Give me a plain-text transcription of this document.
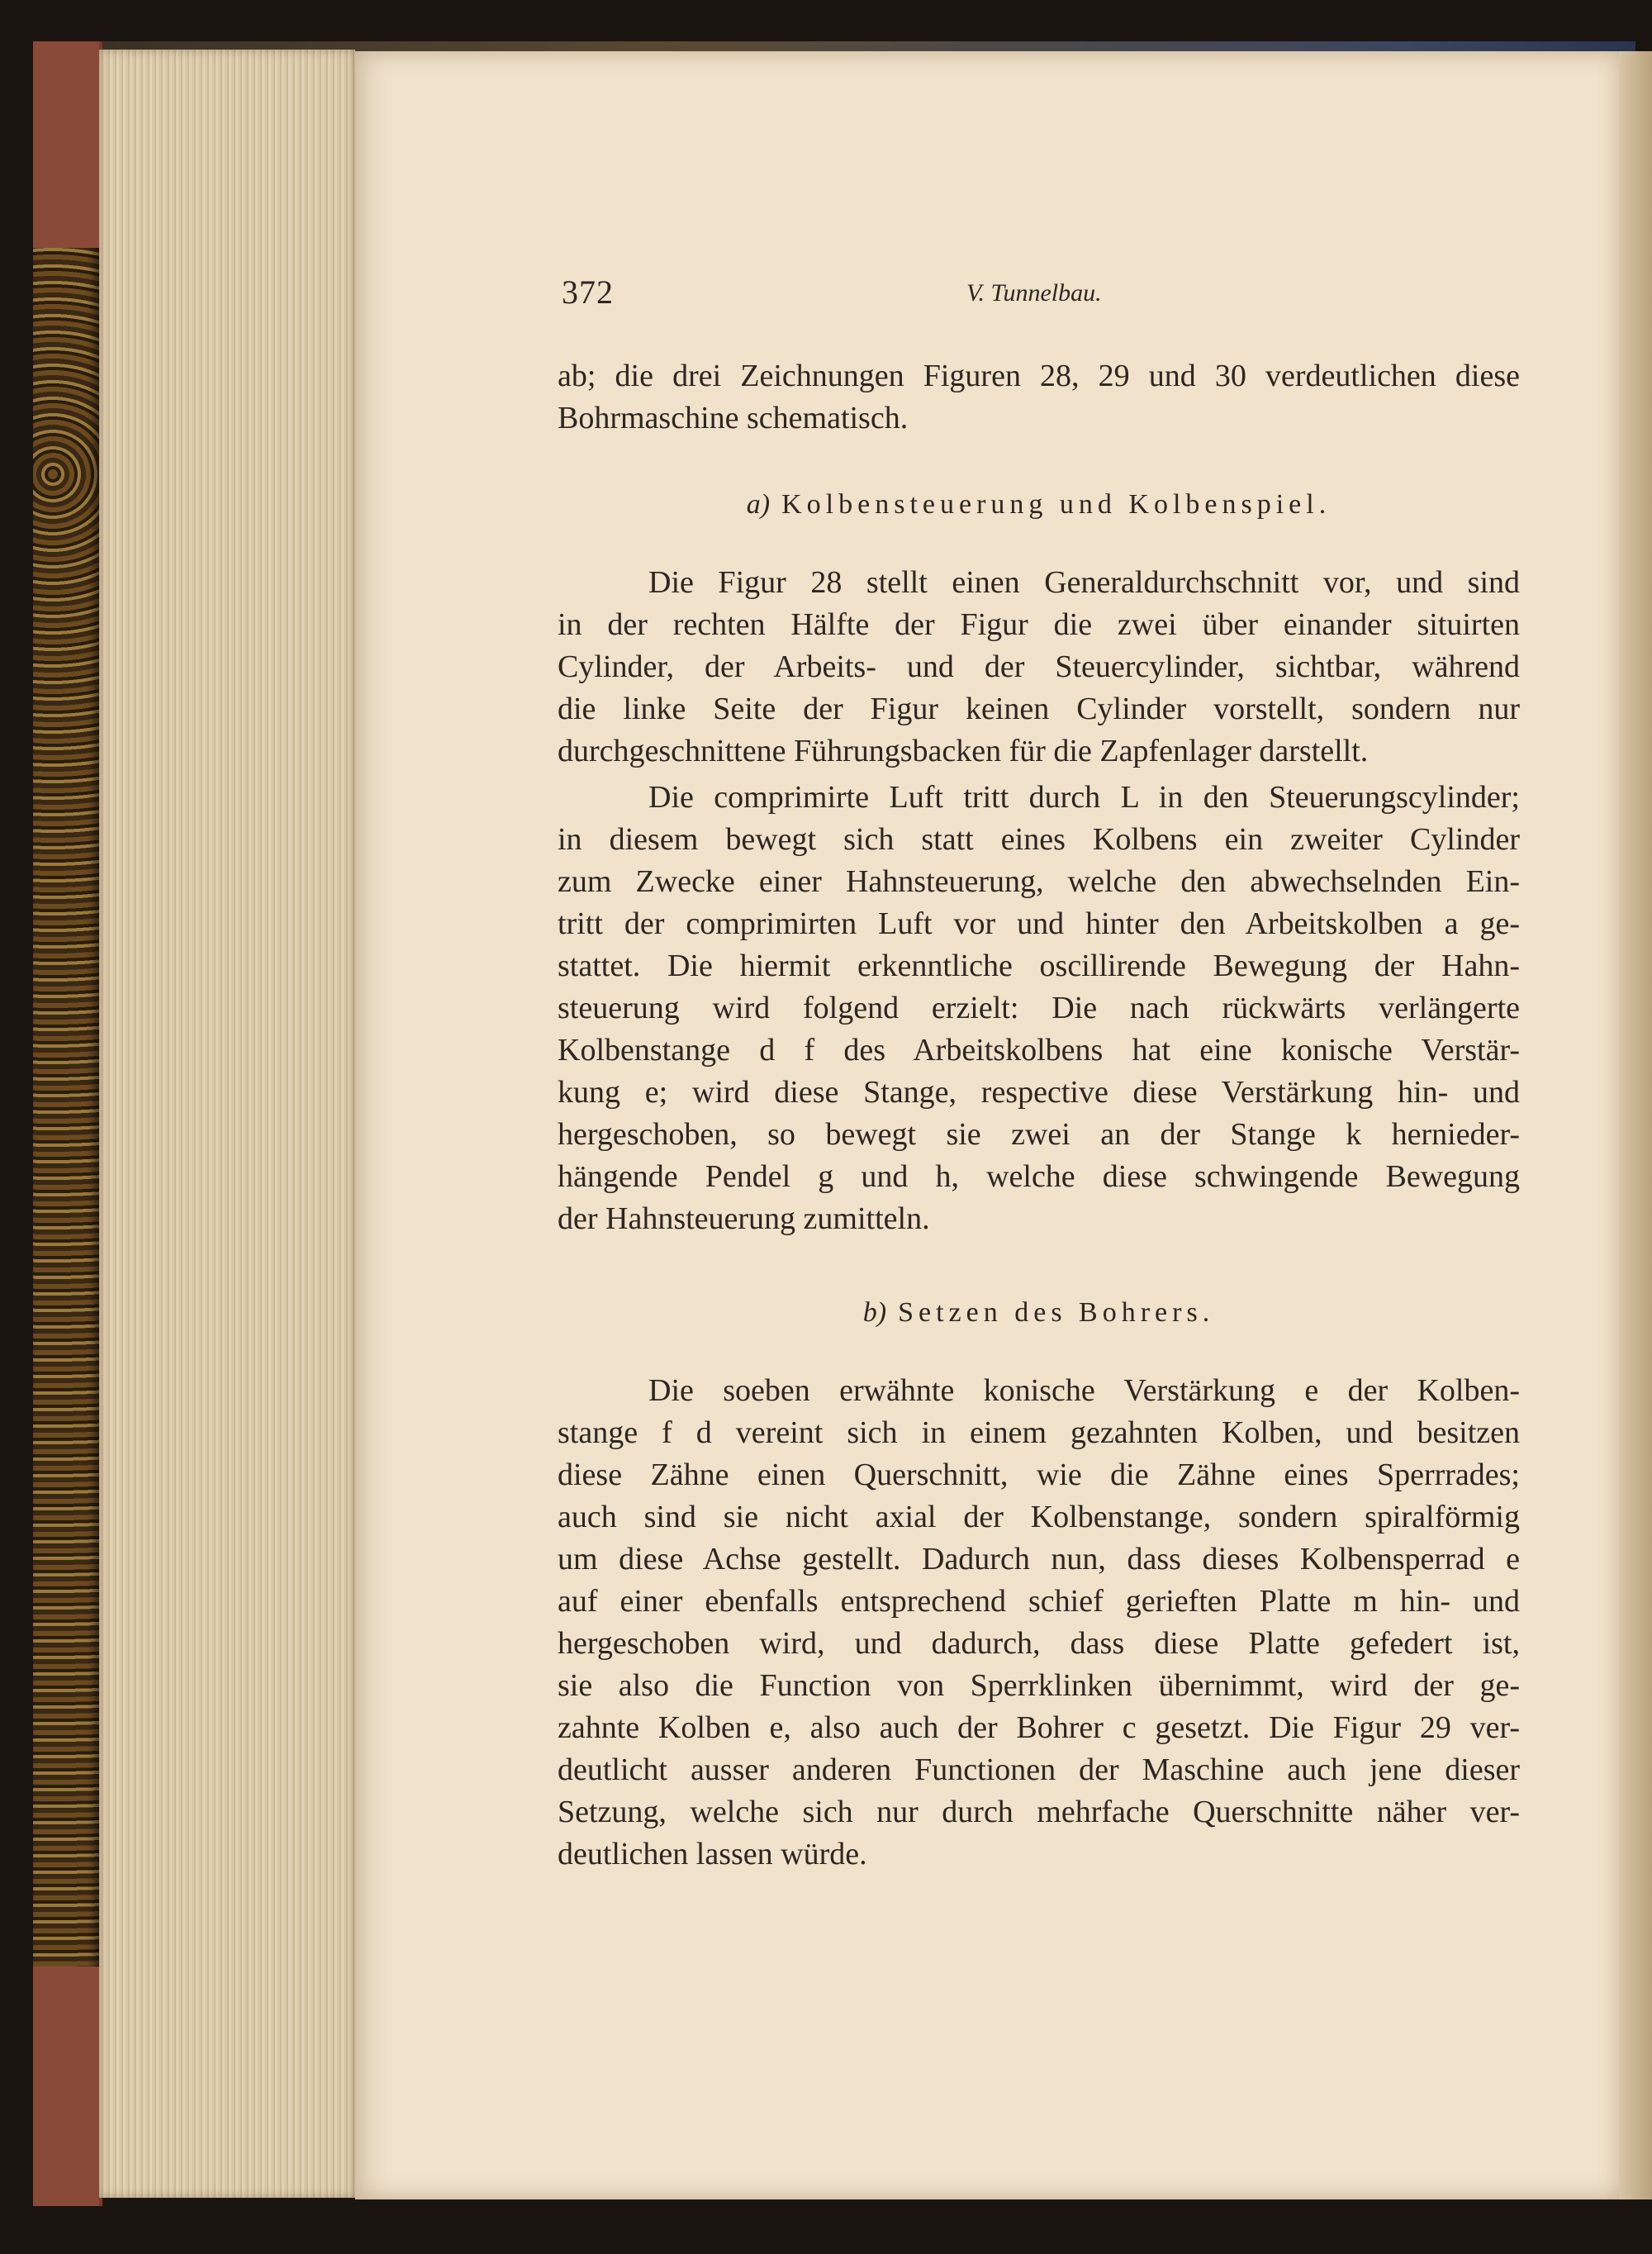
372	V. Tunnelbau.
ab; die drei Zeichnungen Figuren 28, 29 und 30 verdeutlichen diese
Bohrmaschine schematisch.
a) Kolbensteuerung und Kolbenspiel.
Die Figur 28 stellt einen Generaldurchschnitt vor, und sind
in der rechten Hälfte der Figur die zwei über einander situirten
Cylinder, der Arbeits- und der Steuercylinder, sichtbar, während
die linke Seite der Figur keinen Cylinder vorstellt, sondern nur
durchgeschnittene Führungsbacken für die Zapfenlager darstellt.
Die comprimirte Luft tritt durch L in den Steuerungscylinder;
in diesem bewegt sich statt eines Kolbens ein zweiter Cylinder
zum Zwecke einer Hahnsteuerung, welche den abwechselnden Ein-
tritt der comprimirten Luft vor und hinter den Arbeitskolben a ge-
stattet. Die hiermit erkenntliche oscillirende Bewegung der Hahn-
steuerung wird folgend erzielt: Die nach rückwärts verlängerte
Kolbenstange d f des Arbeitskolbens hat eine konische Verstär-
kung e; wird diese Stange, respective diese Verstärkung hin- und
hergeschoben, so bewegt sie zwei an der Stange k hernieder-
hängende Pendel g und h, welche diese schwingende Bewegung
der Hahnsteuerung zumitteln.
b) Setzen des Bohrers.
Die soeben erwähnte konische Verstärkung e der Kolben-
stange f d vereint sich in einem gezahnten Kolben, und besitzen
diese Zähne einen Querschnitt, wie die Zähne eines Sperrrades;
auch sind sie nicht axial der Kolbenstange, sondern spiralförmig
um diese Achse gestellt. Dadurch nun, dass dieses Kolbensperrad e
auf einer ebenfalls entsprechend schief gerieften Platte m hin- und
hergeschoben wird, und dadurch, dass diese Platte gefedert ist,
sie also die Function von Sperrklinken übernimmt, wird der ge-
zahnte Kolben e, also auch der Bohrer c gesetzt. Die Figur 29 ver-
deutlicht ausser anderen Functionen der Maschine auch jene dieser
Setzung, welche sich nur durch mehrfache Querschnitte näher ver-
deutlichen lassen würde.
